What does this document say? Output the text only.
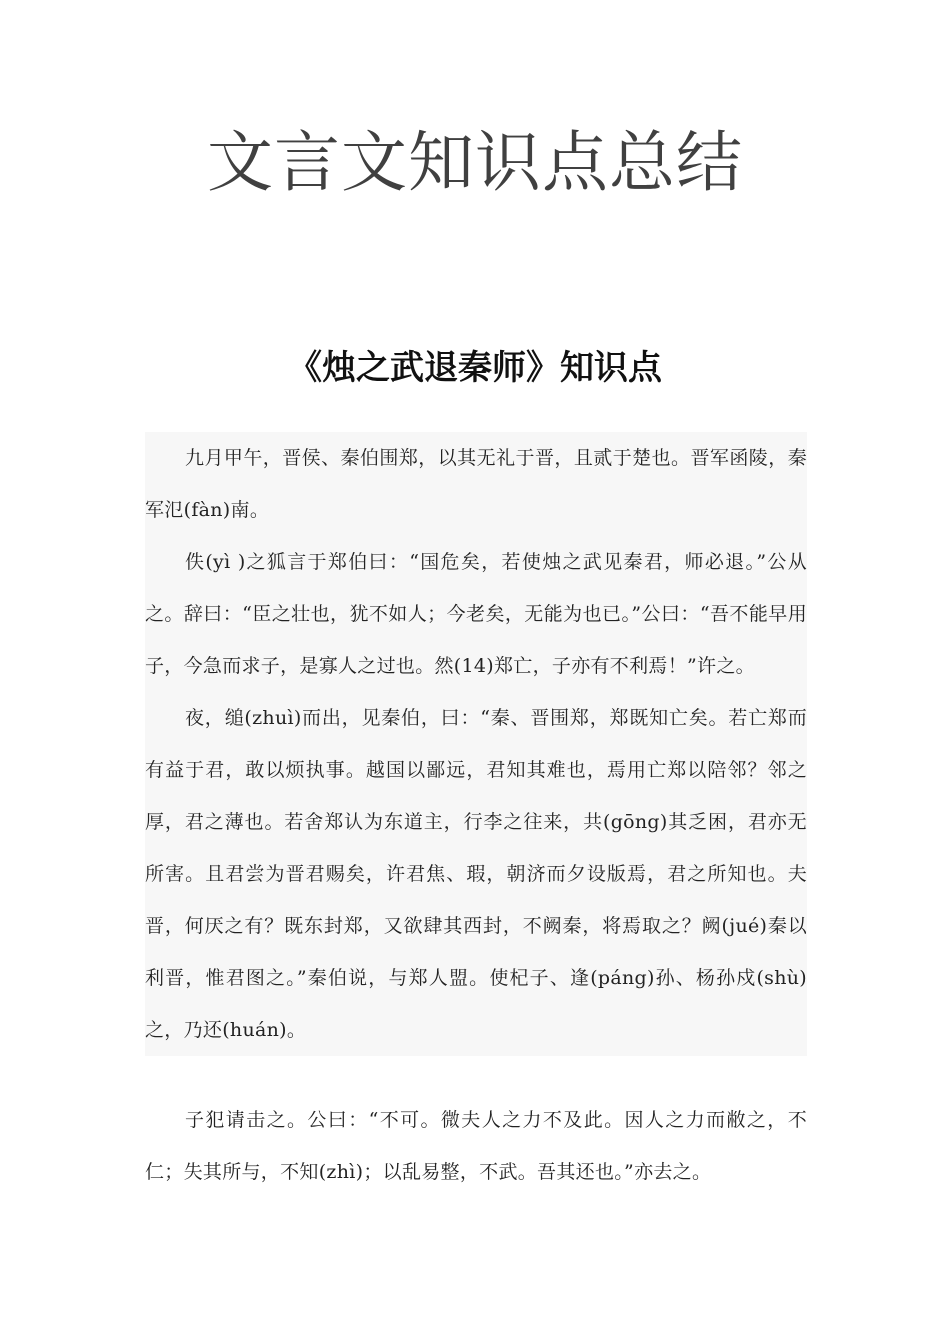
文言文知识点总结
《烛之武退秦师》知识点

九月甲午，晋侯、秦伯围郑，以其无礼于晋，且贰于楚也。晋军函陵，秦军氾(fàn)南。

佚(yì )之狐言于郑伯曰：“国危矣，若使烛之武见秦君，师必退。”公从之。辞曰：“臣之壮也，犹不如人；今老矣，无能为也已。”公曰：“吾不能早用子，今急而求子，是寡人之过也。然(14)郑亡，子亦有不利焉！”许之。

夜，缒(zhuì)而出，见秦伯，曰：“秦、晋围郑，郑既知亡矣。若亡郑而有益于君，敢以烦执事。越国以鄙远，君知其难也，焉用亡郑以陪邻？邻之厚，君之薄也。若舍郑认为东道主，行李之往来，共(gōng)其乏困，君亦无所害。且君尝为晋君赐矣，许君焦、瑕，朝济而夕设版焉，君之所知也。夫晋，何厌之有？既东封郑，又欲肆其西封，不阙秦，将焉取之？阙(jué)秦以利晋，惟君图之。”秦伯说，与郑人盟。使杞子、逢(páng)孙、杨孙戍(shù)之，乃还(huán)。

子犯请击之。公曰：“不可。微夫人之力不及此。因人之力而敝之，不仁；失其所与，不知(zhì)；以乱易整，不武。吾其还也。”亦去之。
